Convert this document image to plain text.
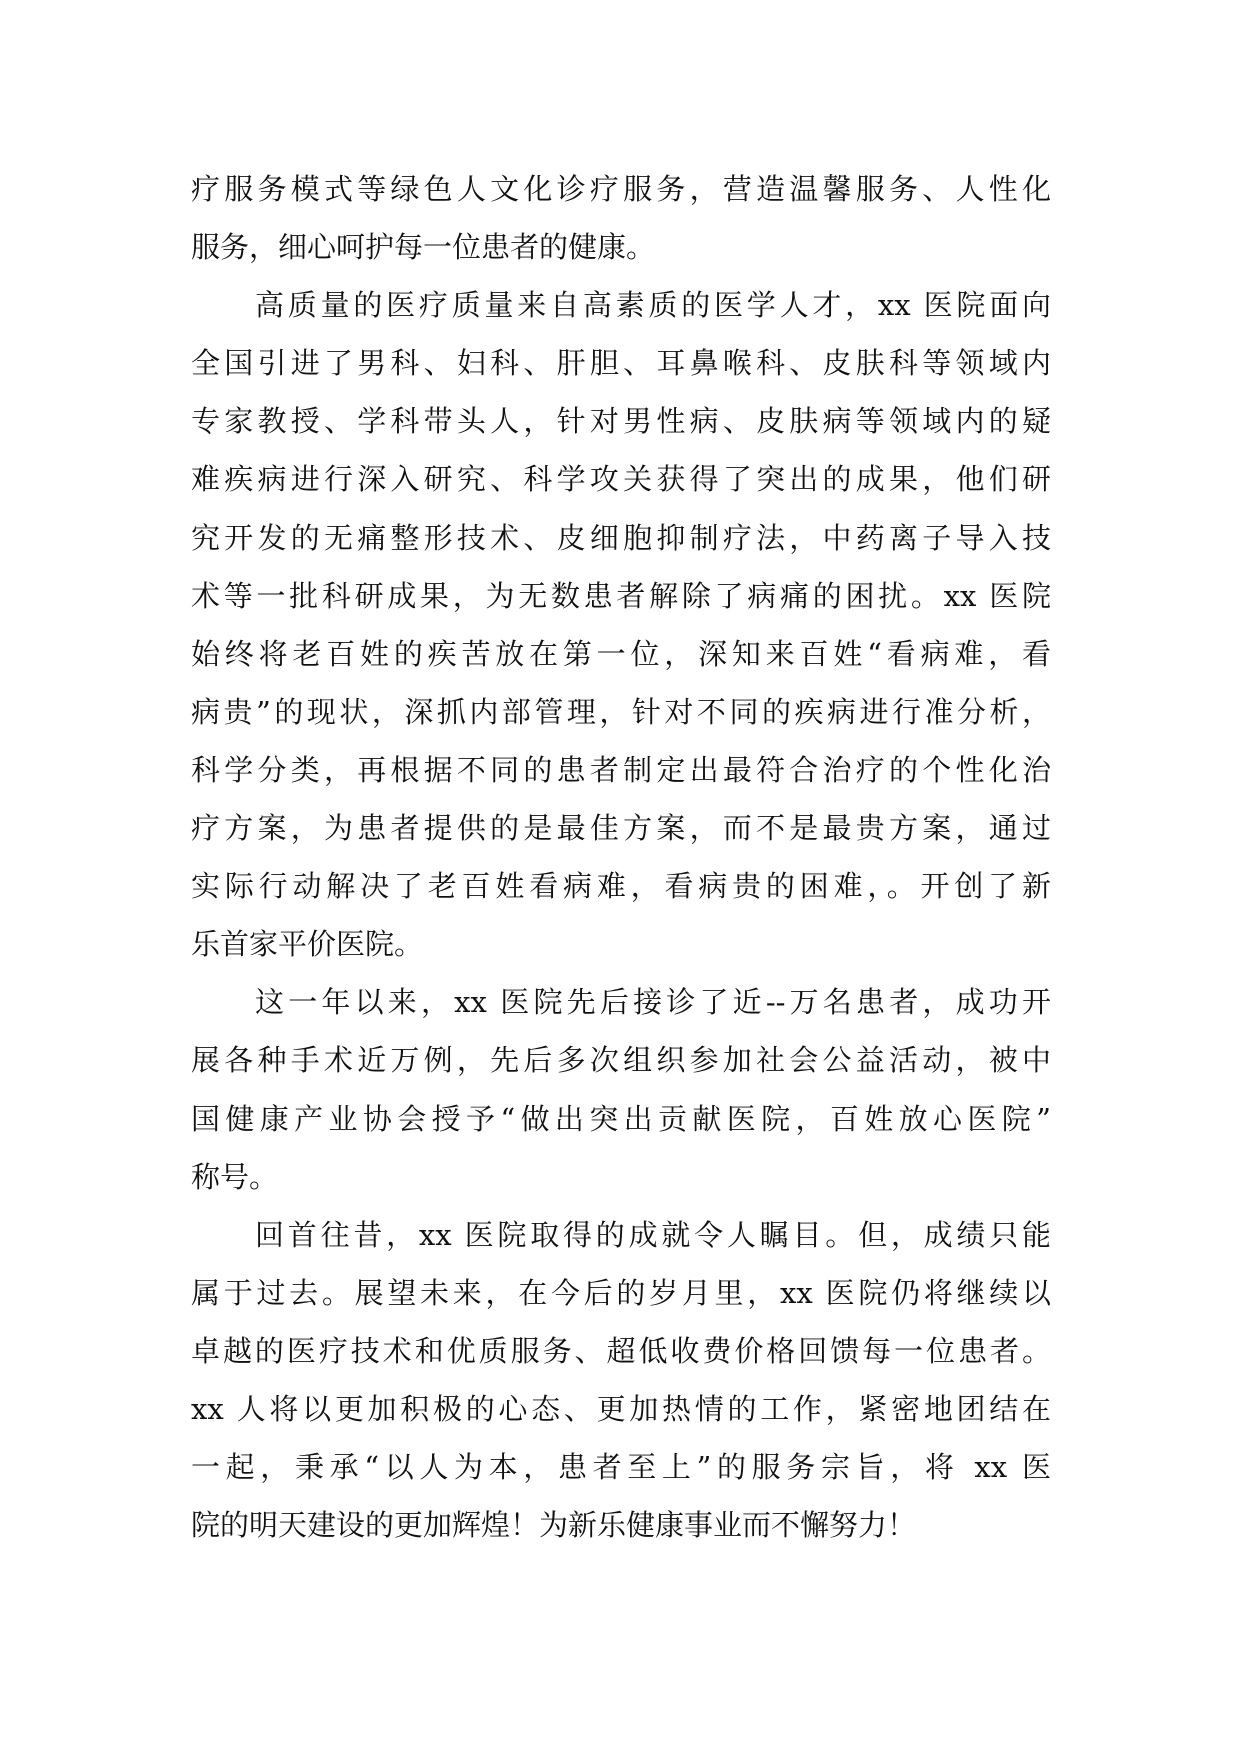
疗服务模式等绿色人文化诊疗服务，营造温馨服务、人性化
服务，细心呵护每一位患者的健康。
高质量的医疗质量来自高素质的医学人才，xx 医院面向
全国引进了男科、妇科、肝胆、耳鼻喉科、皮肤科等领域内
专家教授、学科带头人，针对男性病、皮肤病等领域内的疑
难疾病进行深入研究、科学攻关获得了突出的成果，他们研
究开发的无痛整形技术、皮细胞抑制疗法，中药离子导入技
术等一批科研成果，为无数患者解除了病痛的困扰。xx 医院
始终将老百姓的疾苦放在第一位，深知来百姓“看病难，看
病贵”的现状，深抓内部管理，针对不同的疾病进行准分析，
科学分类，再根据不同的患者制定出最符合治疗的个性化治
疗方案，为患者提供的是最佳方案，而不是最贵方案，通过
实际行动解决了老百姓看病难，看病贵的困难，。开创了新
乐首家平价医院。
这一年以来，xx 医院先后接诊了近--万名患者，成功开
展各种手术近万例，先后多次组织参加社会公益活动，被中
国健康产业协会授予“做出突出贡献医院，百姓放心医院”
称号。
回首往昔，xx 医院取得的成就令人瞩目。但，成绩只能
属于过去。展望未来，在今后的岁月里，xx 医院仍将继续以
卓越的医疗技术和优质服务、超低收费价格回馈每一位患者。
xx 人将以更加积极的心态、更加热情的工作，紧密地团结在
一起，秉承“以人为本，患者至上”的服务宗旨，将 xx 医
院的明天建设的更加辉煌！为新乐健康事业而不懈努力！
